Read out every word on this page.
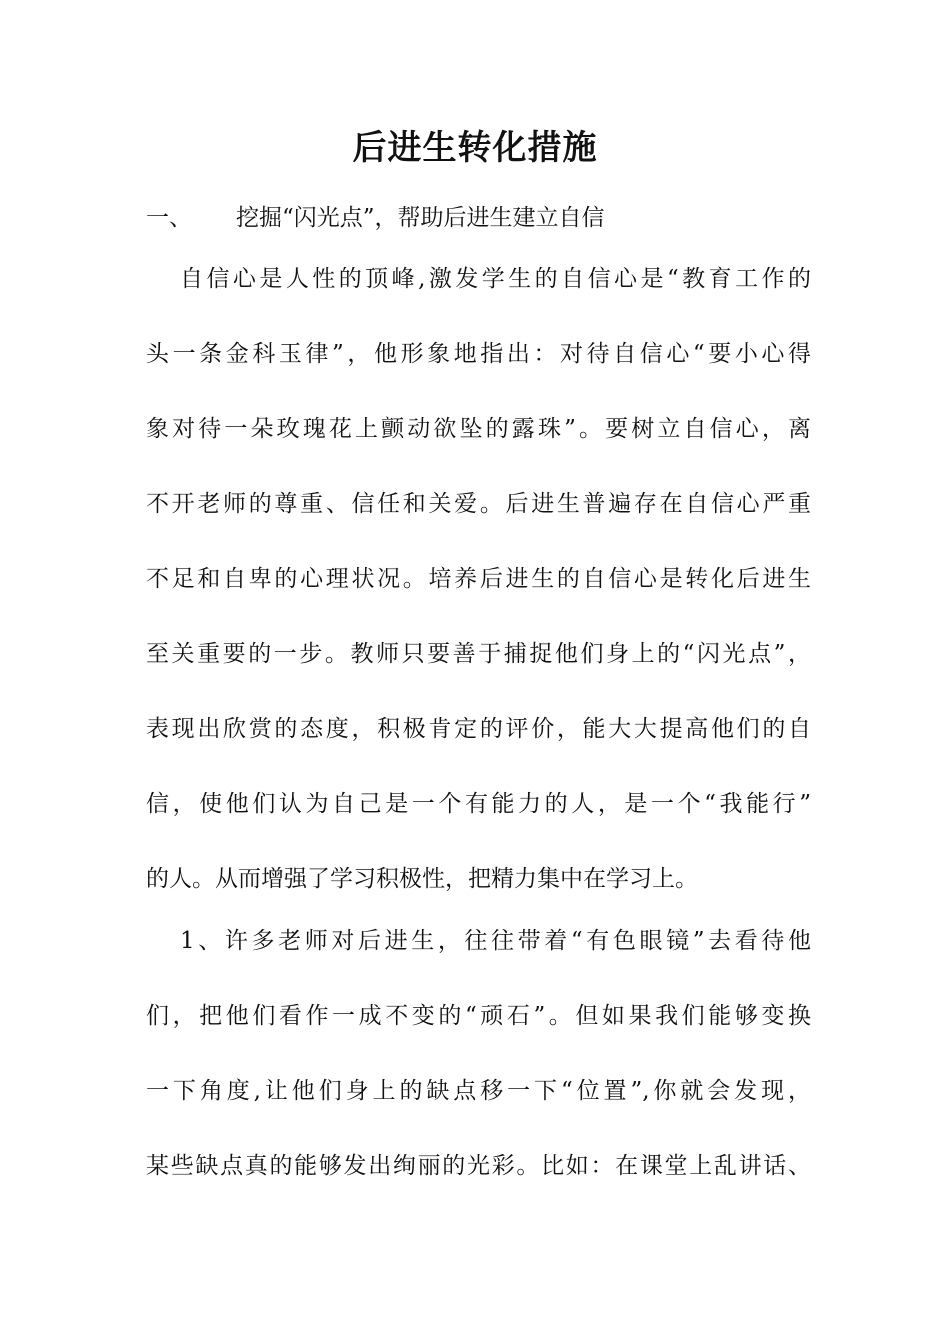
后进生转化措施
一、 挖掘“闪光点”，帮助后进生建立自信
自信心是人性的顶峰,激发学生的自信心是“教育工作的
头一条金科玉律”，他形象地指出：对待自信心“要小心得
象对待一朵玫瑰花上颤动欲坠的露珠”。要树立自信心，离
不开老师的尊重、信任和关爱。后进生普遍存在自信心严重
不足和自卑的心理状况。培养后进生的自信心是转化后进生
至关重要的一步。教师只要善于捕捉他们身上的“闪光点”，
表现出欣赏的态度，积极肯定的评价，能大大提高他们的自
信，使他们认为自己是一个有能力的人，是一个“我能行”
的人。从而增强了学习积极性，把精力集中在学习上。
1、许多老师对后进生，往往带着“有色眼镜”去看待他
们，把他们看作一成不变的“顽石”。但如果我们能够变换
一下角度,让他们身上的缺点移一下“位置”,你就会发现，
某些缺点真的能够发出绚丽的光彩。比如：在课堂上乱讲话、
